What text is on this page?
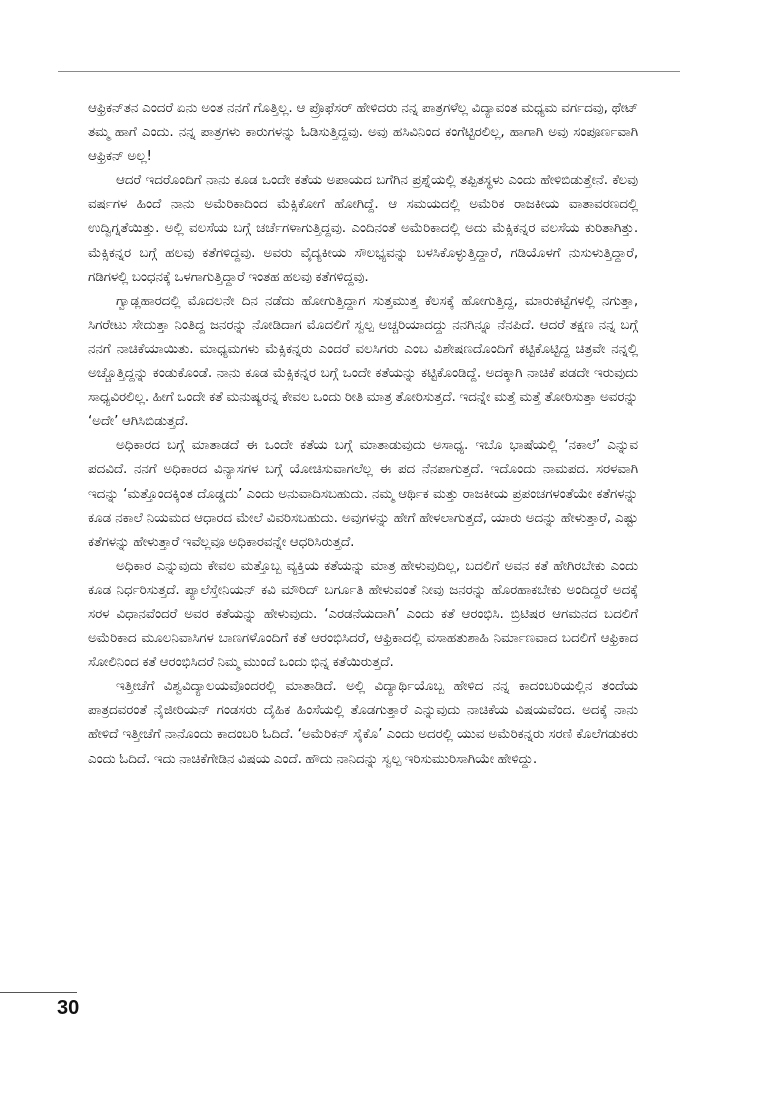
ಆಫ್ರಿಕನ್‌ತನ ಎಂದರೆ ಏನು ಅಂತ ನನಗೆ ಗೊತ್ತಿಲ್ಲ. ಆ ಪ್ರೊಫೆಸರ್ ಹೇಳಿದರು ನನ್ನ ಪಾತ್ರಗಳೆಲ್ಲ ವಿದ್ಯಾವಂತ ಮಧ್ಯಮ ವರ್ಗದವು, ಥೇಟ್ ತಮ್ಮ ಹಾಗೆ ಎಂದು. ನನ್ನ ಪಾತ್ರಗಳು ಕಾರುಗಳನ್ನು ಓಡಿಸುತ್ತಿದ್ದವು. ಅವು ಹಸಿವಿನಿಂದ ಕಂಗೆಟ್ಟಿರಲಿಲ್ಲ, ಹಾಗಾಗಿ ಅವು ಸಂಪೂರ್ಣವಾಗಿ ಆಫ್ರಿಕನ್ ಅಲ್ಲ!

ಆದರೆ ಇದರೊಂದಿಗೆ ನಾನು ಕೂಡ ಒಂದೇ ಕತೆಯ ಅಪಾಯದ ಬಗೆಗಿನ ಪ್ರಶ್ನೆಯಲ್ಲಿ ತಪ್ಪಿತಸ್ಥಳು ಎಂದು ಹೇಳಿಬಿಡುತ್ತೇನೆ. ಕೆಲವು ವರ್ಷಗಳ ಹಿಂದೆ ನಾನು ಅಮೆರಿಕಾದಿಂದ ಮೆಕ್ಸಿಕೋಗೆ ಹೋಗಿದ್ದೆ. ಆ ಸಮಯದಲ್ಲಿ ಅಮೆರಿಕ ರಾಜಕೀಯ ವಾತಾವರಣದಲ್ಲಿ ಉದ್ವಿಗ್ನತೆಯಿತ್ತು. ಅಲ್ಲಿ ವಲಸೆಯ ಬಗ್ಗೆ ಚರ್ಚೆಗಳಾಗುತ್ತಿದ್ದವು. ಎಂದಿನಂತೆ ಅಮೆರಿಕಾದಲ್ಲಿ ಅದು ಮೆಕ್ಸಿಕನ್ನರ ವಲಸೆಯ ಕುರಿತಾಗಿತ್ತು. ಮೆಕ್ಸಿಕನ್ನರ ಬಗ್ಗೆ ಹಲವು ಕತೆಗಳಿದ್ದವು. ಅವರು ವೈದ್ಯಕೀಯ ಸೌಲಭ್ಯವನ್ನು ಬಳಸಿಕೊಳ್ಳುತ್ತಿದ್ದಾರೆ, ಗಡಿಯೊಳಗೆ ನುಸುಳುತ್ತಿದ್ದಾರೆ, ಗಡಿಗಳಲ್ಲಿ ಬಂಧನಕ್ಕೆ ಒಳಗಾಗುತ್ತಿದ್ದಾರೆ ಇಂತಹ ಹಲವು ಕತೆಗಳಿದ್ದವು.

ಗ್ವಾಡ್ಲಹಾರದಲ್ಲಿ ಮೊದಲನೇ ದಿನ ನಡೆದು ಹೋಗುತ್ತಿದ್ದಾಗ ಸುತ್ತಮುತ್ತ ಕೆಲಸಕ್ಕೆ ಹೋಗುತ್ತಿದ್ದ, ಮಾರುಕಟ್ಟೆಗಳಲ್ಲಿ ನಗುತ್ತಾ, ಸಿಗರೇಟು ಸೇದುತ್ತಾ ನಿಂತಿದ್ದ ಜನರನ್ನು ನೋಡಿದಾಗ ಮೊದಲಿಗೆ ಸ್ವಲ್ಪ ಅಚ್ಚರಿಯಾದದ್ದು ನನಗಿನ್ನೂ ನೆನಪಿದೆ. ಆದರೆ ತಕ್ಷಣ ನನ್ನ ಬಗ್ಗೆ ನನಗೆ ನಾಚಿಕೆಯಾಯಿತು. ಮಾಧ್ಯಮಗಳು ಮೆಕ್ಸಿಕನ್ನರು ಎಂದರೆ ವಲಸಿಗರು ಎಂಬ ವಿಶೇಷಣದೊಂದಿಗೆ ಕಟ್ಟಿಕೊಟ್ಟಿದ್ದ ಚಿತ್ರವೇ ನನ್ನಲ್ಲಿ ಅಚ್ಚೊತ್ತಿದ್ದನ್ನು ಕಂಡುಕೊಂಡೆ. ನಾನು ಕೂಡ ಮೆಕ್ಸಿಕನ್ನರ ಬಗ್ಗೆ ಒಂದೇ ಕತೆಯನ್ನು ಕಟ್ಟಿಕೊಂಡಿದ್ದೆ. ಅದಕ್ಕಾಗಿ ನಾಚಿಕೆ ಪಡದೇ ಇರುವುದು ಸಾಧ್ಯವಿರಲಿಲ್ಲ. ಹೀಗೆ ಒಂದೇ ಕತೆ ಮನುಷ್ಯರನ್ನ ಕೇವಲ ಒಂದು ರೀತಿ ಮಾತ್ರ ತೋರಿಸುತ್ತದೆ. ಇದನ್ನೇ ಮತ್ತೆ ಮತ್ತೆ ತೋರಿಸುತ್ತಾ ಅವರನ್ನು ‘ಅದೇ’ ಆಗಿಸಿಬಿಡುತ್ತದೆ.

ಅಧಿಕಾರದ ಬಗ್ಗೆ ಮಾತಾಡದೆ ಈ ಒಂದೇ ಕತೆಯ ಬಗ್ಗೆ ಮಾತಾಡುವುದು ಅಸಾಧ್ಯ. ಇಬೊ ಭಾಷೆಯಲ್ಲಿ ‘ನಕಾಲೆ’ ಎನ್ನುವ ಪದವಿದೆ. ನನಗೆ ಅಧಿಕಾರದ ವಿನ್ಯಾಸಗಳ ಬಗ್ಗೆ ಯೋಚಿಸುವಾಗಲೆಲ್ಲ ಈ ಪದ ನೆನಪಾಗುತ್ತದೆ. ಇದೊಂದು ನಾಮಪದ. ಸರಳವಾಗಿ ಇದನ್ನು ‘ಮತ್ತೊಂದಕ್ಕಿಂತ ದೊಡ್ಡದು’ ಎಂದು ಅನುವಾದಿಸಬಹುದು. ನಮ್ಮ ಆರ್ಥಿಕ ಮತ್ತು ರಾಜಕೀಯ ಪ್ರಪಂಚಗಳಂತೆಯೇ ಕತೆಗಳನ್ನು ಕೂಡ ನಕಾಲೆ ನಿಯಮದ ಆಧಾರದ ಮೇಲೆ ವಿವರಿಸಬಹುದು. ಅವುಗಳನ್ನು ಹೇಗೆ ಹೇಳಲಾಗುತ್ತದೆ, ಯಾರು ಅದನ್ನು ಹೇಳುತ್ತಾರೆ, ಎಷ್ಟು ಕತೆಗಳನ್ನು ಹೇಳುತ್ತಾರೆ ಇವೆಲ್ಲವೂ ಅಧಿಕಾರವನ್ನೇ ಆಧರಿಸಿರುತ್ತದೆ.

ಅಧಿಕಾರ ಎನ್ನುವುದು ಕೇವಲ ಮತ್ತೊಬ್ಬ ವ್ಯಕ್ತಿಯ ಕತೆಯನ್ನು ಮಾತ್ರ ಹೇಳುವುದಿಲ್ಲ, ಬದಲಿಗೆ ಅವನ ಕತೆ ಹೇಗಿರಬೇಕು ಎಂದು ಕೂಡ ನಿರ್ಧರಿಸುತ್ತದೆ. ಪ್ಯಾಲೆಸ್ತೇನಿಯನ್ ಕವಿ ಮೌರಿದ್ ಬರ್ಗೂತಿ ಹೇಳುವಂತೆ ನೀವು ಜನರನ್ನು ಹೊರಹಾಕಬೇಕು ಅಂದಿದ್ದರೆ ಅದಕ್ಕೆ ಸರಳ ವಿಧಾನವೆಂದರೆ ಅವರ ಕತೆಯನ್ನು ಹೇಳುವುದು. ‘ಎರಡನೆಯದಾಗಿ’ ಎಂದು ಕತೆ ಆರಂಭಿಸಿ. ಬ್ರಿಟಿಷರ ಆಗಮನದ ಬದಲಿಗೆ ಅಮೆರಿಕಾದ ಮೂಲನಿವಾಸಿಗಳ ಬಾಣಗಳೊಂದಿಗೆ ಕತೆ ಆರಂಭಿಸಿದರೆ, ಆಫ್ರಿಕಾದಲ್ಲಿ ವಸಾಹತುಶಾಹಿ ನಿರ್ಮಾಣವಾದ ಬದಲಿಗೆ ಆಫ್ರಿಕಾದ ಸೋಲಿನಿಂದ ಕತೆ ಆರಂಭಿಸಿದರೆ ನಿಮ್ಮ ಮುಂದೆ ಒಂದು ಭಿನ್ನ ಕತೆಯಿರುತ್ತದೆ.

ಇತ್ತೀಚೆಗೆ ವಿಶ್ವವಿದ್ಯಾಲಯವೊಂದರಲ್ಲಿ ಮಾತಾಡಿದೆ. ಅಲ್ಲಿ ವಿದ್ಯಾರ್ಥಿಯೊಬ್ಬ ಹೇಳಿದ ನನ್ನ ಕಾದಂಬರಿಯಲ್ಲಿನ ತಂದೆಯ ಪಾತ್ರದವರಂತೆ ನೈಜೀರಿಯನ್ ಗಂಡಸರು ದೈಹಿಕ ಹಿಂಸೆಯಲ್ಲಿ ತೊಡಗುತ್ತಾರೆ ಎನ್ನುವುದು ನಾಚಿಕೆಯ ವಿಷಯವೆಂದ. ಅದಕ್ಕೆ ನಾನು ಹೇಳಿದೆ ಇತ್ತೀಚೆಗೆ ನಾನೊಂದು ಕಾದಂಬರಿ ಓದಿದೆ. ‘ಅಮೆರಿಕನ್ ಸೈಕೊ’ ಎಂದು ಅದರಲ್ಲಿ ಯುವ ಅಮೆರಿಕನ್ನರು ಸರಣಿ ಕೊಲೆಗಡುಕರು ಎಂದು ಓದಿದೆ. ಇದು ನಾಚಿಕೆಗೇಡಿನ ವಿಷಯ ಎಂದೆ. ಹೌದು ನಾನಿದನ್ನು ಸ್ವಲ್ಪ ಇರಿಸುಮುರಿಸಾಗಿಯೇ ಹೇಳಿದ್ದು.

30
